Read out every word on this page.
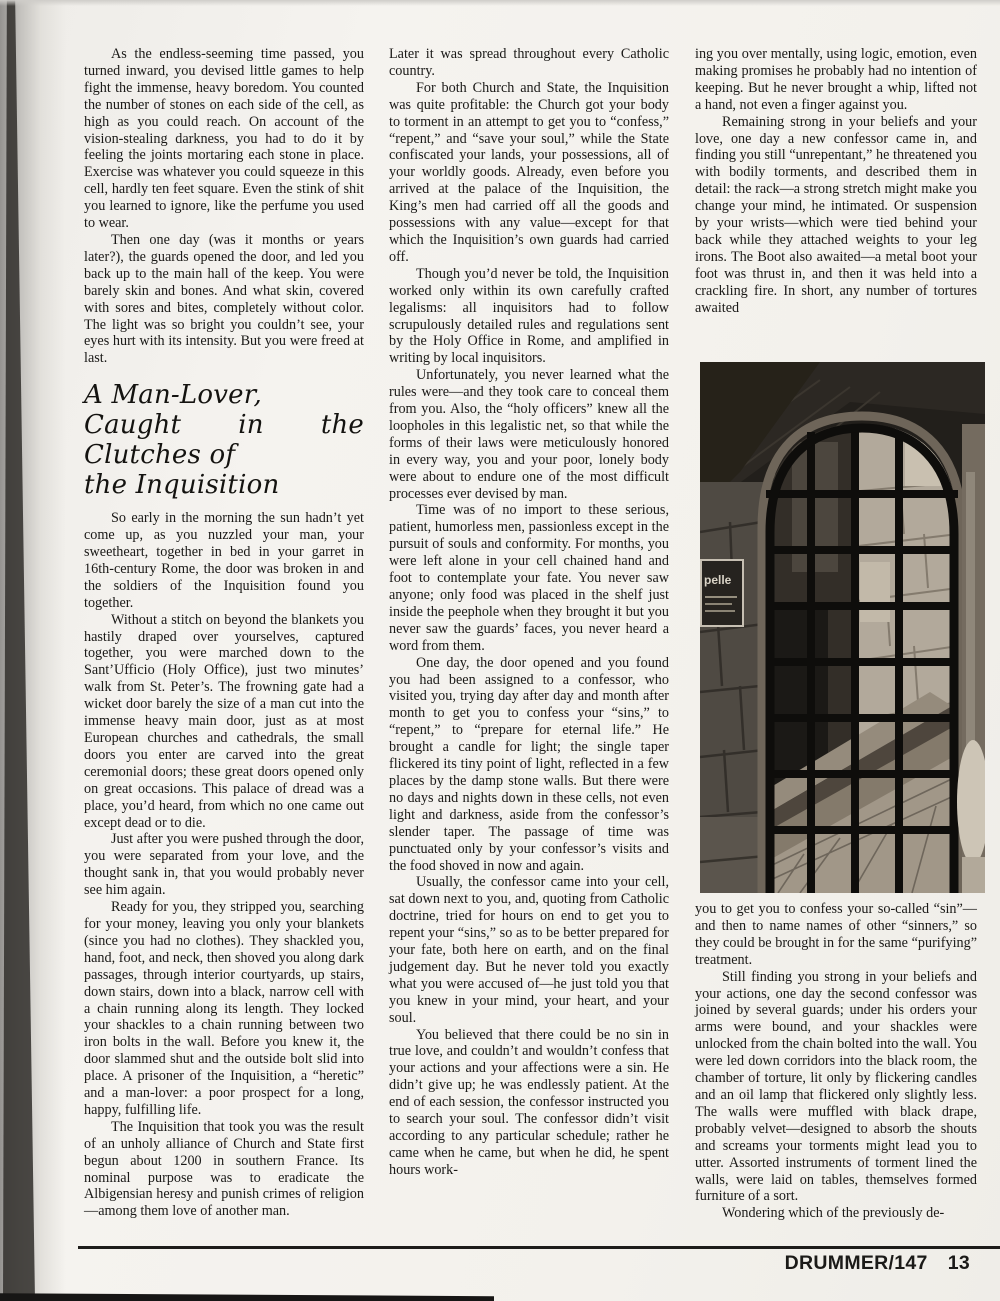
As the endless-seeming time passed, you turned inward, you devised little games to help fight the immense, heavy boredom. You counted the number of stones on each side of the cell, as high as you could reach. On account of the vision-stealing darkness, you had to do it by feeling the joints mortaring each stone in place. Exercise was whatever you could squeeze in this cell, hardly ten feet square. Even the stink of shit you learned to ignore, like the perfume you used to wear.

Then one day (was it months or years later?), the guards opened the door, and led you back up to the main hall of the keep. You were barely skin and bones. And what skin, covered with sores and bites, completely without color. The light was so bright you couldn’t see, your eyes hurt with its intensity. But you were freed at last.

A Man-Lover,
Caught in the Clutches of
the Inquisition

So early in the morning the sun hadn’t yet come up, as you nuzzled your man, your sweetheart, together in bed in your garret in 16th-century Rome, the door was broken in and the soldiers of the Inquisition found you together.

Without a stitch on beyond the blankets you hastily draped over yourselves, captured together, you were marched down to the Sant’Ufficio (Holy Office), just two minutes’ walk from St. Peter’s. The frowning gate had a wicket door barely the size of a man cut into the immense heavy main door, just as at most European churches and cathedrals, the small doors you enter are carved into the great ceremonial doors; these great doors opened only on great occasions. This palace of dread was a place, you’d heard, from which no one came out except dead or to die.

Just after you were pushed through the door, you were separated from your love, and the thought sank in, that you would probably never see him again.

Ready for you, they stripped you, searching for your money, leaving you only your blankets (since you had no clothes). They shackled you, hand, foot, and neck, then shoved you along dark passages, through interior courtyards, up stairs, down stairs, down into a black, narrow cell with a chain running along its length. They locked your shackles to a chain running between two iron bolts in the wall. Before you knew it, the door slammed shut and the outside bolt slid into place. A prisoner of the Inquisition, a “heretic” and a man-lover: a poor prospect for a long, happy, fulfilling life.

The Inquisition that took you was the result of an unholy alliance of Church and State first begun about 1200 in southern France. Its nominal purpose was to eradicate the Albigensian heresy and punish crimes of religion—among them love of another man.

Later it was spread throughout every Catholic country.

For both Church and State, the Inquisition was quite profitable: the Church got your body to torment in an attempt to get you to “confess,” “repent,” and “save your soul,” while the State confiscated your lands, your possessions, all of your worldly goods. Already, even before you arrived at the palace of the Inquisition, the King’s men had carried off all the goods and possessions with any value—except for that which the Inquisition’s own guards had carried off.

Though you’d never be told, the Inquisition worked only within its own carefully crafted legalisms: all inquisitors had to follow scrupulously detailed rules and regulations sent by the Holy Office in Rome, and amplified in writing by local inquisitors.

Unfortunately, you never learned what the rules were—and they took care to conceal them from you. Also, the “holy officers” knew all the loopholes in this legalistic net, so that while the forms of their laws were meticulously honored in every way, you and your poor, lonely body were about to endure one of the most difficult processes ever devised by man.

Time was of no import to these serious, patient, humorless men, passionless except in the pursuit of souls and conformity. For months, you were left alone in your cell chained hand and foot to contemplate your fate. You never saw anyone; only food was placed in the shelf just inside the peephole when they brought it but you never saw the guards’ faces, you never heard a word from them.

One day, the door opened and you found you had been assigned to a confessor, who visited you, trying day after day and month after month to get you to confess your “sins,” to “repent,” to “prepare for eternal life.” He brought a candle for light; the single taper flickered its tiny point of light, reflected in a few places by the damp stone walls. But there were no days and nights down in these cells, not even light and darkness, aside from the confessor’s slender taper. The passage of time was punctuated only by your confessor’s visits and the food shoved in now and again.

Usually, the confessor came into your cell, sat down next to you, and, quoting from Catholic doctrine, tried for hours on end to get you to repent your “sins,” so as to be better prepared for your fate, both here on earth, and on the final judgement day. But he never told you exactly what you were accused of—he just told you that you knew in your mind, your heart, and your soul.

You believed that there could be no sin in true love, and couldn’t and wouldn’t confess that your actions and your affections were a sin. He didn’t give up; he was endlessly patient. At the end of each session, the confessor instructed you to search your soul. The confessor didn’t visit according to any particular schedule; rather he came when he came, but when he did, he spent hours work-

ing you over mentally, using logic, emotion, even making promises he probably had no intention of keeping. But he never brought a whip, lifted not a hand, not even a finger against you.

Remaining strong in your beliefs and your love, one day a new confessor came in, and finding you still “unrepentant,” he threatened you with bodily torments, and described them in detail: the rack—a strong stretch might make you change your mind, he intimated. Or suspension by your wrists—which were tied behind your back while they attached weights to your leg irons. The Boot also awaited—a metal boot your foot was thrust in, and then it was held into a crackling fire. In short, any number of tortures awaited

pelle

you to get you to confess your so-called “sin”—and then to name names of other “sinners,” so they could be brought in for the same “purifying” treatment.

Still finding you strong in your beliefs and your actions, one day the second confessor was joined by several guards; under his orders your arms were bound, and your shackles were unlocked from the chain bolted into the wall. You were led down corridors into the black room, the chamber of torture, lit only by flickering candles and an oil lamp that flickered only slightly less. The walls were muffled with black drape, probably velvet—designed to absorb the shouts and screams your torments might lead you to utter. Assorted instruments of torment lined the walls, were laid on tables, themselves formed furniture of a sort.

Wondering which of the previously de-

DRUMMER/147 13
